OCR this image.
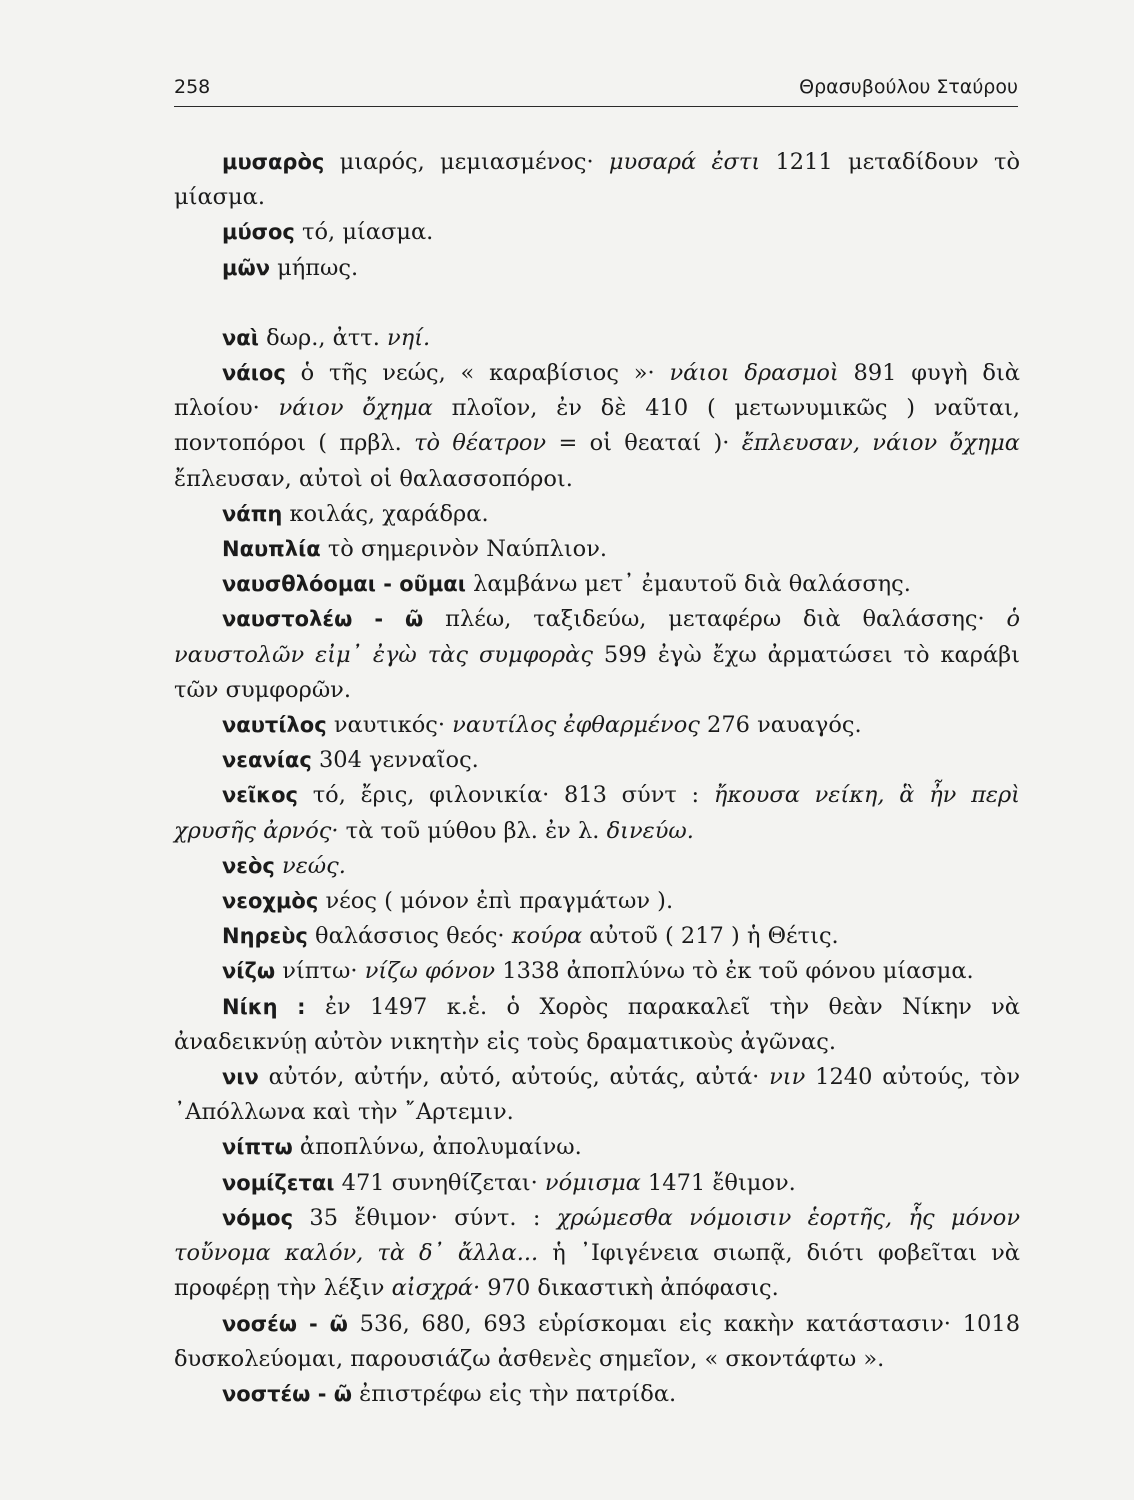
258	Θρασυβούλου Σταύρου

μυσαρὸς μιαρός, μεμιασμένος· μυσαρά ἐστι 1211 μεταδίδουν τὸ μίασμα.

μύσος τό, μίασμα.

μῶν μήπως.

ναὶ δωρ., ἀττ. νηί.

νάιος ὁ τῆς νεώς, « καραβίσιος »· νάιοι δρασμοὶ 891 φυγὴ διὰ πλοίου· νάιον ὄχημα πλοῖον, ἐν δὲ 410 ( μετωνυμικῶς ) ναῦται, ποντοπόροι ( πρβλ. τὸ θέατρον = οἱ θεαταί )· ἔπλευσαν, νάιον ὄχημα ἔπλευσαν, αὐτοὶ οἱ θαλασσοπόροι.

νάπη κοιλάς, χαράδρα.

Ναυπλία τὸ σημερινὸν Ναύπλιον.

ναυσθλόομαι - οῦμαι λαμβάνω μετ᾽ ἐμαυτοῦ διὰ θαλάσσης.

ναυστολέω - ῶ πλέω, ταξιδεύω, μεταφέρω διὰ θαλάσσης· ὁ ναυστολῶν εἰμ᾽ ἐγὼ τὰς συμφορὰς 599 ἐγὼ ἔχω ἀρματώσει τὸ καράβι τῶν συμφορῶν.

ναυτίλος ναυτικός· ναυτίλος ἐφθαρμένος 276 ναυαγός.

νεανίας 304 γενναῖος.

νεῖκος τό, ἔρις, φιλονικία· 813 σύντ : ἤκουσα νείκη, ἃ ἦν περὶ χρυσῆς ἀρνός· τὰ τοῦ μύθου βλ. ἐν λ. δινεύω.

νεὸς νεώς.

νεοχμὸς νέος ( μόνον ἐπὶ πραγμάτων ).

Νηρεὺς θαλάσσιος θεός· κούρα αὐτοῦ ( 217 ) ἡ Θέτις.

νίζω νίπτω· νίζω φόνον 1338 ἀποπλύνω τὸ ἐκ τοῦ φόνου μίασμα.

Νίκη : ἐν 1497 κ.ἑ. ὁ Χορὸς παρακαλεῖ τὴν θεὰν Νίκην νὰ ἀναδεικνύῃ αὐτὸν νικητὴν εἰς τοὺς δραματικοὺς ἀγῶνας.

νιν αὐτόν, αὐτήν, αὐτό, αὐτούς, αὐτάς, αὐτά· νιν 1240 αὐτούς, τὸν ᾽Απόλλωνα καὶ τὴν ῎Αρτεμιν.

νίπτω ἀποπλύνω, ἀπολυμαίνω.

νομίζεται 471 συνηθίζεται· νόμισμα 1471 ἔθιμον.

νόμος 35 ἔθιμον· σύντ. : χρώμεσθα νόμοισιν ἑορτῆς, ἧς μόνον τοὔνομα καλόν, τὰ δ᾽ ἄλλα... ἡ ᾽Ιφιγένεια σιωπᾷ, διότι φοβεῖται νὰ προφέρῃ τὴν λέξιν αἰσχρά· 970 δικαστικὴ ἀπόφασις.

νοσέω - ῶ 536, 680, 693 εὑρίσκομαι εἰς κακὴν κατάστασιν· 1018 δυσκολεύομαι, παρουσιάζω ἀσθενὲς σημεῖον, « σκοντάφτω ».

νοστέω - ῶ ἐπιστρέφω εἰς τὴν πατρίδα.
